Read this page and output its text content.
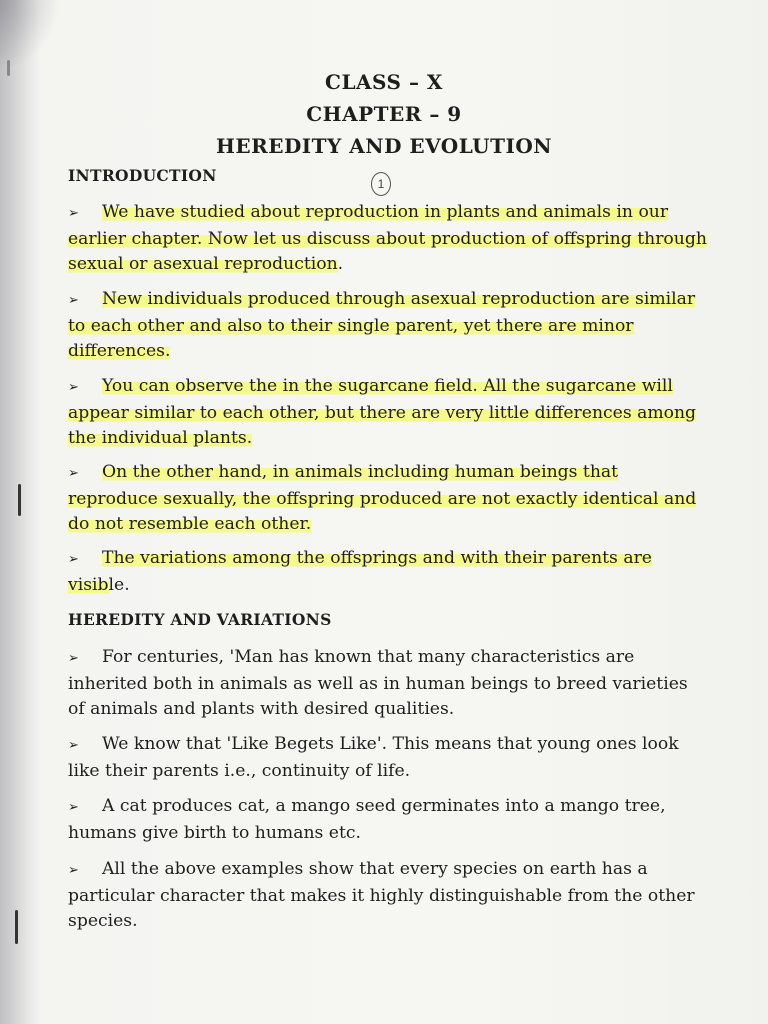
CLASS – X
CHAPTER – 9
HEREDITY AND EVOLUTION
INTRODUCTION	1
➢ We have studied about reproduction in plants and animals in our earlier chapter. Now let us discuss about production of offspring through sexual or asexual reproduction.
➢ New individuals produced through asexual reproduction are similar to each other and also to their single parent, yet there are minor differences.
➢ You can observe the in the sugarcane field. All the sugarcane will appear similar to each other, but there are very little differences among the individual plants.
➢ On the other hand, in animals including human beings that reproduce sexually, the offspring produced are not exactly identical and do not resemble each other.
➢ The variations among the offsprings and with their parents are visible.
HEREDITY AND VARIATIONS
➢ For centuries, 'Man has known that many characteristics are inherited both in animals as well as in human beings to breed varieties of animals and plants with desired qualities.
➢ We know that 'Like Begets Like'. This means that young ones look like their parents i.e., continuity of life.
➢ A cat produces cat, a mango seed germinates into a mango tree, humans give birth to humans etc.
➢ All the above examples show that every species on earth has a particular character that makes it highly distinguishable from the other species.
